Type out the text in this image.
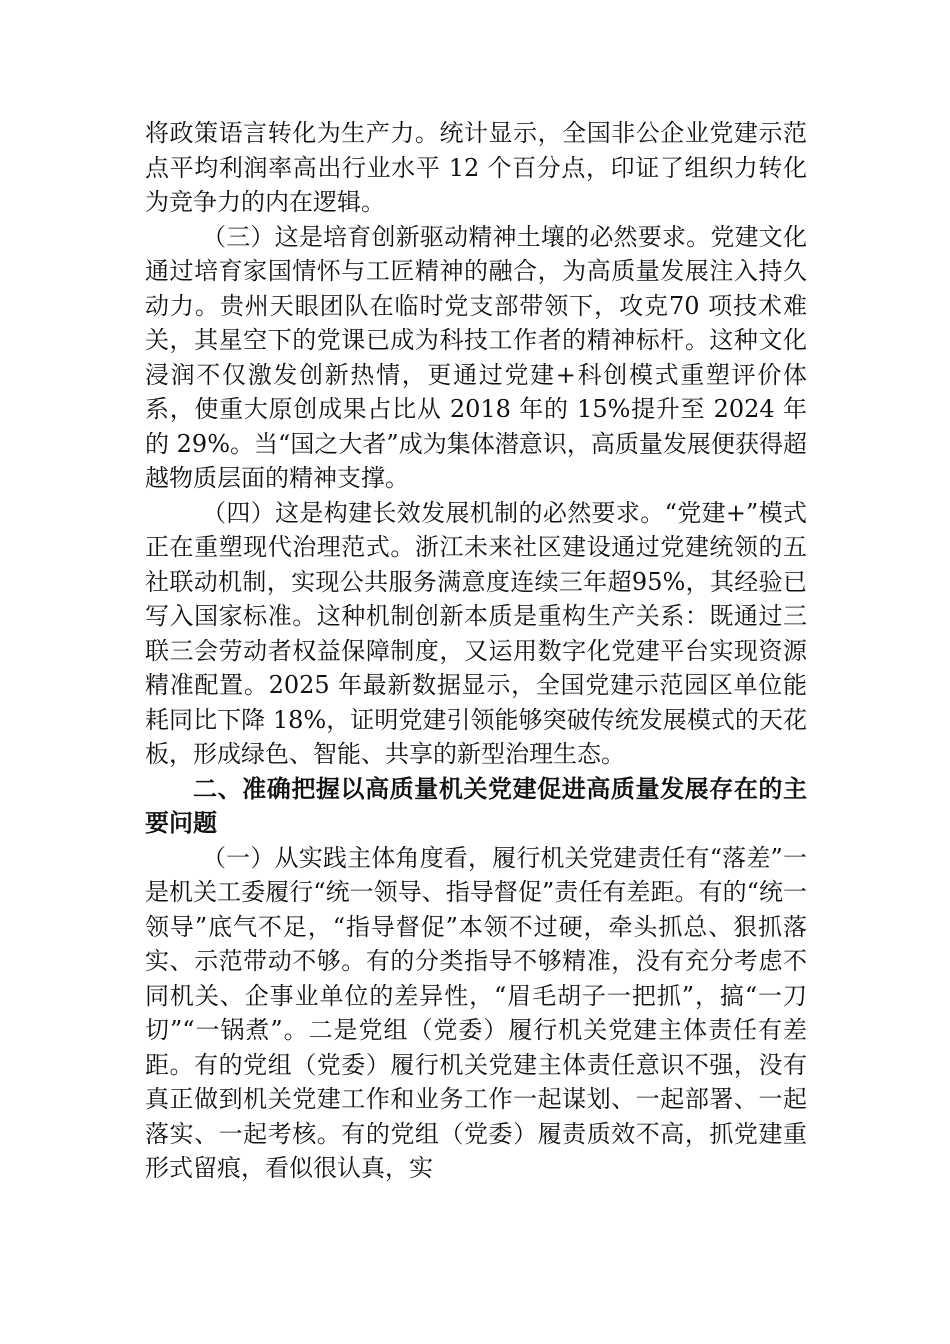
将政策语言转化为生产力。统计显示，全国非公企业党建示范点平均利润率高出行业水平 12 个百分点，印证了组织力转化为竞争力的内在逻辑。

（三）这是培育创新驱动精神土壤的必然要求。党建文化通过培育家国情怀与工匠精神的融合，为高质量发展注入持久动力。贵州天眼团队在临时党支部带领下，攻克70 项技术难关，其星空下的党课已成为科技工作者的精神标杆。这种文化浸润不仅激发创新热情，更通过党建+科创模式重塑评价体系，使重大原创成果占比从 2018 年的 15%提升至 2024 年的 29%。当“国之大者”成为集体潜意识，高质量发展便获得超越物质层面的精神支撑。

（四）这是构建长效发展机制的必然要求。“党建+”模式正在重塑现代治理范式。浙江未来社区建设通过党建统领的五社联动机制，实现公共服务满意度连续三年超95%，其经验已写入国家标准。这种机制创新本质是重构生产关系：既通过三联三会劳动者权益保障制度，又运用数字化党建平台实现资源精准配置。2025 年最新数据显示，全国党建示范园区单位能耗同比下降 18%，证明党建引领能够突破传统发展模式的天花板，形成绿色、智能、共享的新型治理生态。

二、准确把握以高质量机关党建促进高质量发展存在的主要问题

（一）从实践主体角度看，履行机关党建责任有“落差”一是机关工委履行“统一领导、指导督促”责任有差距。有的“统一领导”底气不足，“指导督促”本领不过硬，牵头抓总、狠抓落实、示范带动不够。有的分类指导不够精准，没有充分考虑不同机关、企事业单位的差异性，“眉毛胡子一把抓”，搞“一刀切”“一锅煮”。二是党组（党委）履行机关党建主体责任有差距。有的党组（党委）履行机关党建主体责任意识不强，没有真正做到机关党建工作和业务工作一起谋划、一起部署、一起落实、一起考核。有的党组（党委）履责质效不高，抓党建重形式留痕，看似很认真，实
